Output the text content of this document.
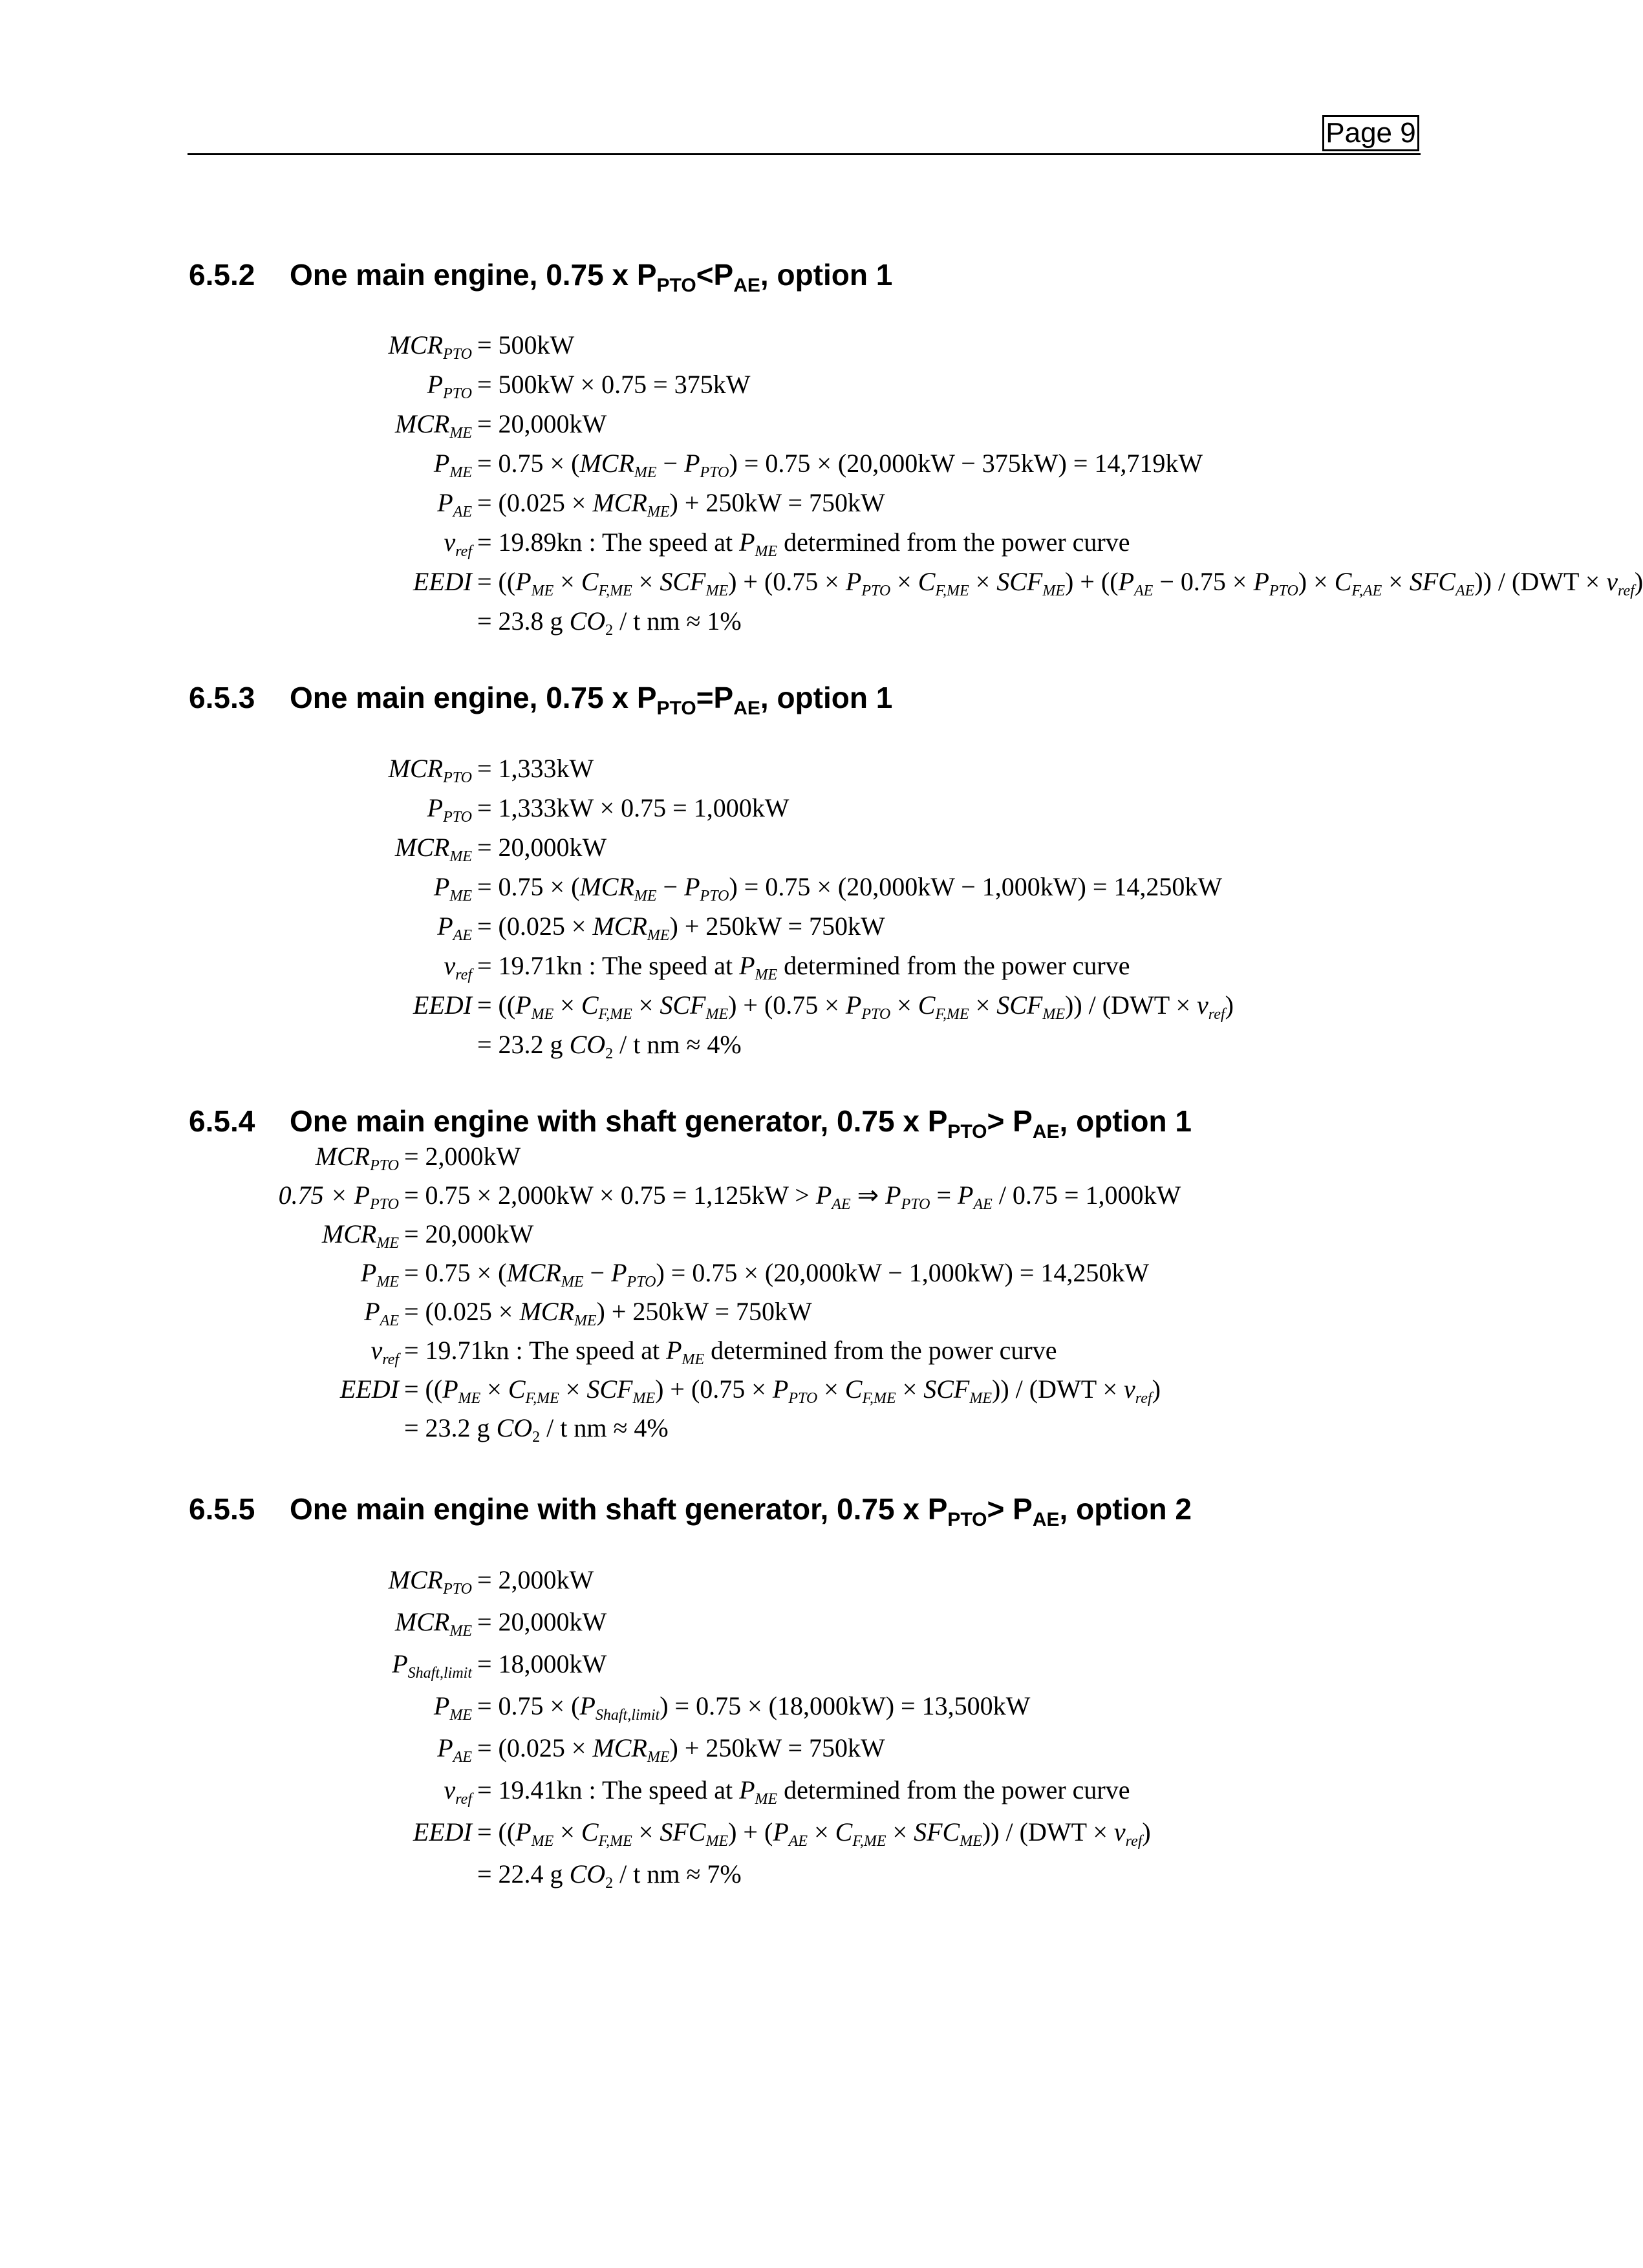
Page 9
6.5.2 One main engine, 0.75 x $P_{PTO}<P_{AE}$, option 1
6.5.3 One main engine, 0.75 x $P_{PTO}=P_{AE}$, option 1
6.5.4 One main engine with shaft generator, 0.75 x $P_{PTO}> P_{AE}$, option 1
6.5.5 One main engine with shaft generator, 0.75 x $P_{PTO}> P_{AE}$, option 2
$MCR_{PTO} = 500kW$
$P_{PTO} = 500kW \times 0.75 = 375kW$
$MCR_{ME} = 20,000kW$
$P_{ME} = 0.75 \times (MCR_{ME} - P_{PTO}) = 0.75 \times (20,000kW - 375kW) = 14,719kW$
$P_{AE} = (0.025 \times MCR_{ME}) + 250kW = 750kW$
$v_{ref} = 19.89kn$ : The speed at $P_{ME}$ determined from the power curve
EEDI = $((P_{ME} \times C_{F,ME} \times SCF_{ME}) + (0.75 \times P_{PTO} \times C_{F,ME} \times SCF_{ME}) + ((P_{AE} - 0.75 \times P_{PTO}) \times C_{F,AE} \times SFC_{AE})) / (DWT \times v_{ref})$
= 23.8 g $CO_2$ / t nm ≈ 1%
$MCR_{PTO} = 1,333kW$
$P_{PTO} = 1,333kW \times 0.75 = 1,000kW$
$MCR_{ME} = 20,000kW$
$P_{ME} = 0.75 \times (MCR_{ME} - P_{PTO}) = 0.75 \times (20,000kW - 1,000kW) = 14,250kW$
$P_{AE} = (0.025 \times MCR_{ME}) + 250kW = 750kW$
$v_{ref} = 19.71kn$ : The speed at $P_{ME}$ determined from the power curve
EEDI = $((P_{ME} \times C_{F,ME} \times SCF_{ME}) + (0.75 \times P_{PTO} \times C_{F,ME} \times SCF_{ME})) / (DWT \times v_{ref})$
= 23.2 g $CO_2$ / t nm ≈ 4%
$MCR_{PTO} = 2,000kW$
$0.75 \times P_{PTO} = 0.75 \times 2,000kW \times 0.75 = 1,125kW > P_{AE}$ ⇒ $P_{PTO} = P_{AE} / 0.75 = 1,000kW$
$MCR_{ME} = 20,000kW$
$P_{ME} = 0.75 \times (MCR_{ME} - P_{PTO}) = 0.75 \times (20,000kW - 1,000kW) = 14,250kW$
$P_{AE} = (0.025 \times MCR_{ME}) + 250kW = 750kW$
$v_{ref} = 19.71kn$ : The speed at $P_{ME}$ determined from the power curve
EEDI = $((P_{ME} \times C_{F,ME} \times SCF_{ME}) + (0.75 \times P_{PTO} \times C_{F,ME} \times SCF_{ME})) / (DWT \times v_{ref})$
= 23.2 g $CO_2$ / t nm ≈ 4%
$MCR_{PTO} = 2,000kW$
$MCR_{ME} = 20,000kW$
$P_{Shaft,limit} = 18,000kW$
$P_{ME} = 0.75 \times (P_{Shaft,limit}) = 0.75 \times (18,000kW) = 13,500kW$
$P_{AE} = (0.025 \times MCR_{ME}) + 250kW = 750kW$
$v_{ref} = 19.41kn$ : The speed at $P_{ME}$ determined from the power curve
EEDI = $((P_{ME} \times C_{F,ME} \times SFC_{ME}) + (P_{AE} \times C_{F,ME} \times SFC_{ME})) / (DWT \times v_{ref})$
= 22.4 g $CO_2$ / t nm ≈ 7%
